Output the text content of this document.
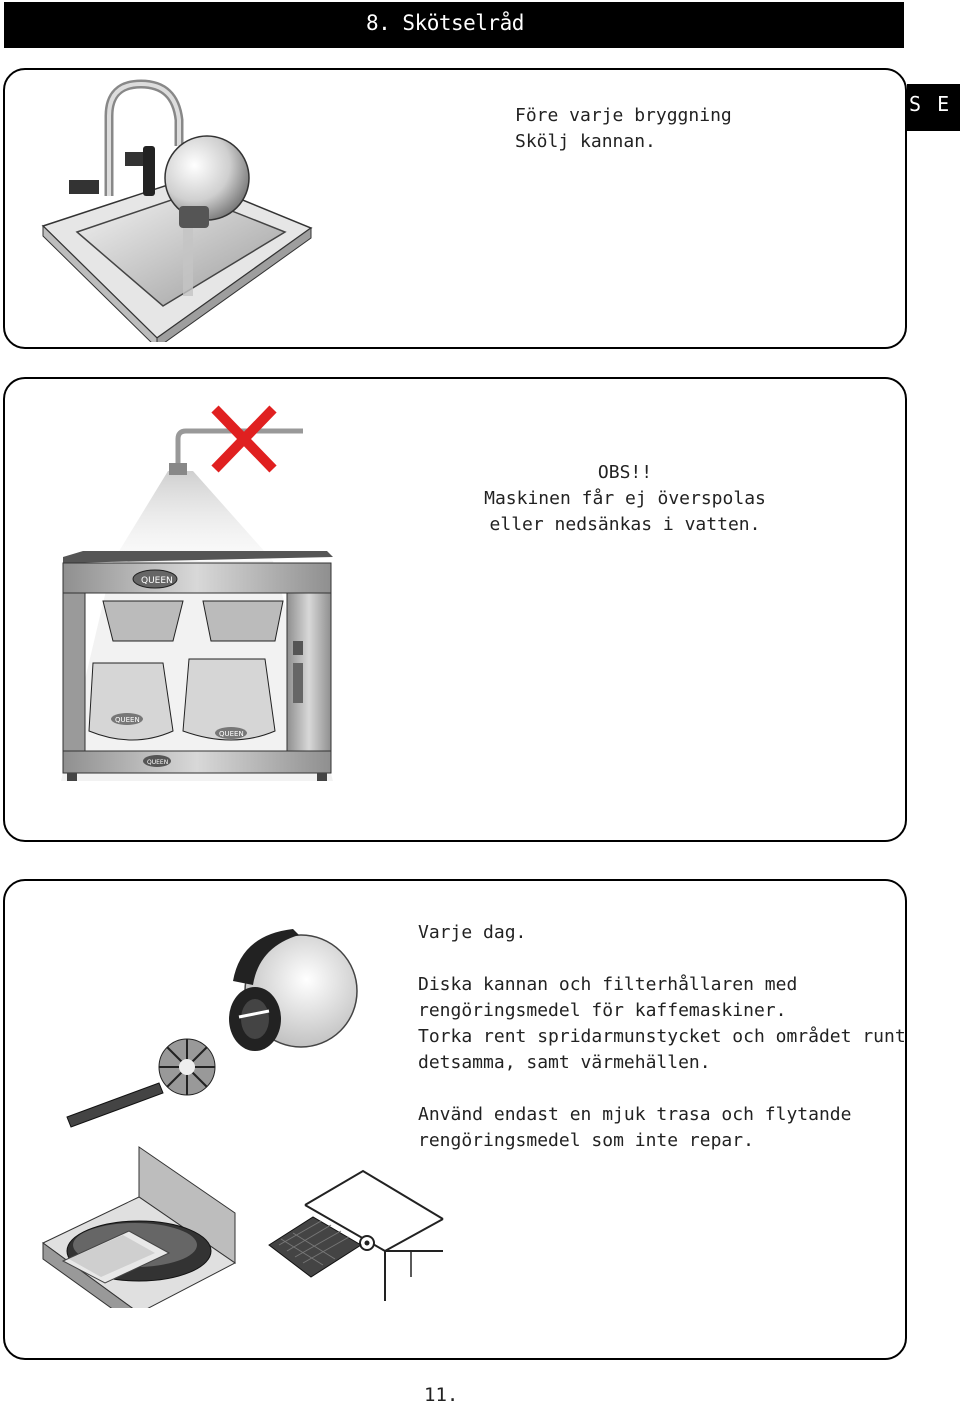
8. Skötselråd
S E
Före varje bryggning
Skölj kannan.
QUEEN
QUEEN
QUEEN
QUEEN
OBS!!
Maskinen får ej överspolas
eller nedsänkas i vatten.
Varje dag.
Diska kannan och filterhållaren med
rengöringsmedel för kaffemaskiner.
Torka rent spridarmunstycket och området runt
detsamma, samt värmehällen.
Använd endast en mjuk trasa och flytande
rengöringsmedel som inte repar.
11.
